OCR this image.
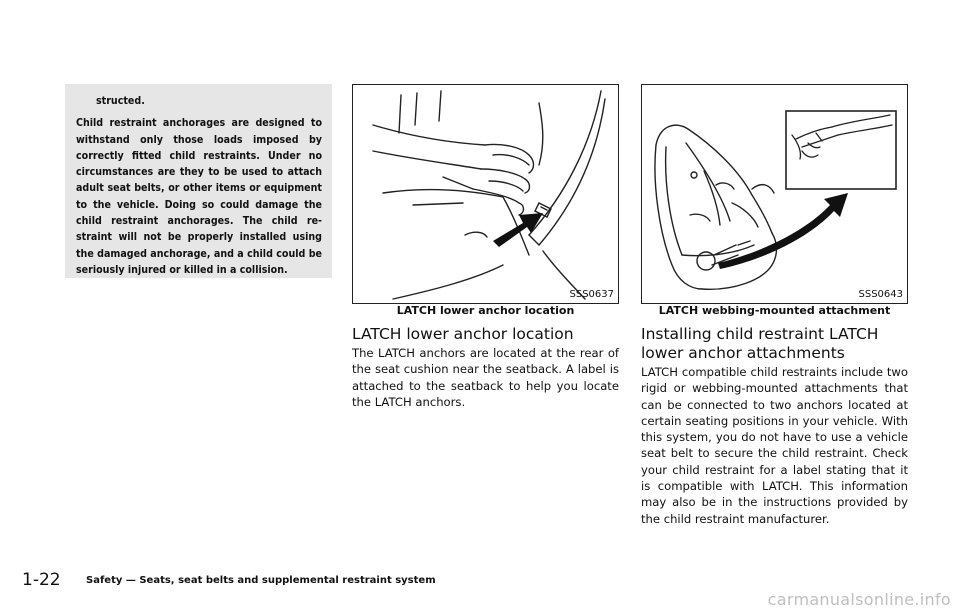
structed.

Child restraint anchorages are designed to withstand only those loads imposed by correctly fitted child restraints. Under no circumstances are they to be used to attach adult seat belts, or other items or equipment to the vehicle. Doing so could damage the child restraint anchorages. The child re-straint will not be properly installed using the damaged anchorage, and a child could be seriously injured or killed in a collision.

SSS0637
LATCH lower anchor location
SSS0643
LATCH webbing-mounted attachment
LATCH lower anchor location

The LATCH anchors are located at the rear of the seat cushion near the seatback. A label is attached to the seatback to help you locate the LATCH anchors.

Installing child restraint LATCH lower anchor attachments

LATCH compatible child restraints include two rigid or webbing-mounted attachments that can be connected to two anchors located at certain seating positions in your vehicle. With this system, you do not have to use a vehicle seat belt to secure the child restraint. Check your child restraint for a label stating that it is compatible with LATCH. This information may also be in the instructions provided by the child restraint manufacturer.

1-22	Safety — Seats, seat belts and supplemental restraint system
carmanualsonline.info
